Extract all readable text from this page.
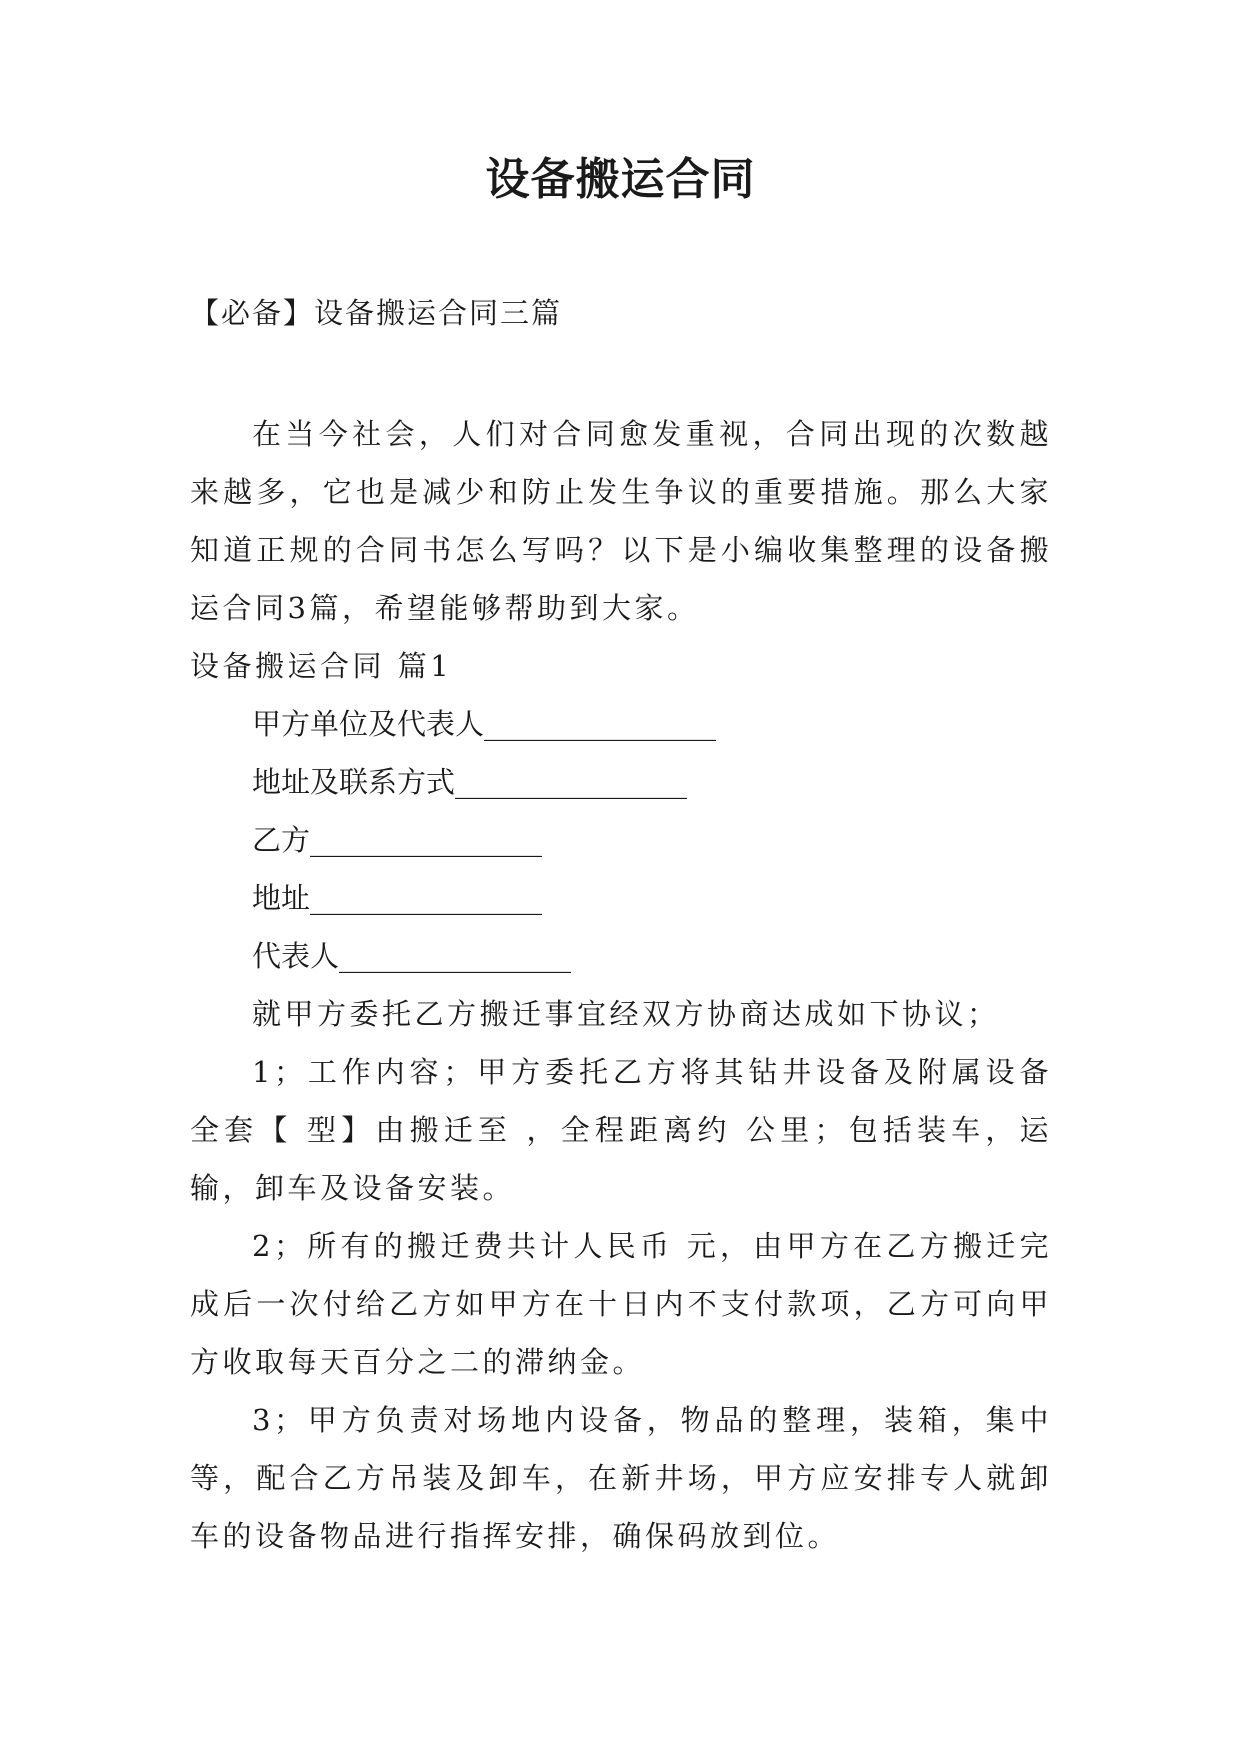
设备搬运合同
【必备】设备搬运合同三篇

在当今社会，人们对合同愈发重视，合同出现的次数越来越多，它也是减少和防止发生争议的重要措施。那么大家知道正规的合同书怎么写吗？以下是小编收集整理的设备搬运合同3篇，希望能够帮助到大家。

设备搬运合同 篇1

甲方单位及代表人________________

地址及联系方式________________

乙方________________

地址________________

代表人________________

就甲方委托乙方搬迁事宜经双方协商达成如下协议；

1；工作内容；甲方委托乙方将其钻井设备及附属设备全套【 型】由搬迁至 ，全程距离约 公里；包括装车，运输，卸车及设备安装。

2；所有的搬迁费共计人民币 元，由甲方在乙方搬迁完成后一次付给乙方如甲方在十日内不支付款项，乙方可向甲方收取每天百分之二的滞纳金。

3；甲方负责对场地内设备，物品的整理，装箱，集中等，配合乙方吊装及卸车，在新井场，甲方应安排专人就卸车的设备物品进行指挥安排，确保码放到位。
